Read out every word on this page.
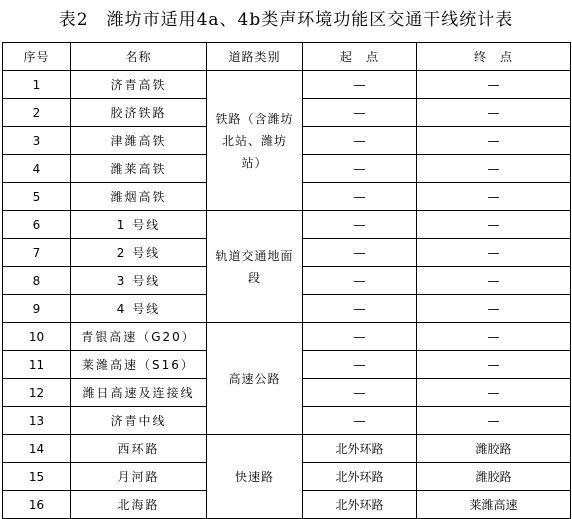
表2　潍坊市适用4a、4b类声环境功能区交通干线统计表
序号	名称	道路类别	起　点	终　点
1	济青高铁	铁路（含潍坊北站、潍坊站）	—	—
2	胶济铁路		—	—
3	津潍高铁		—	—
4	潍莱高铁		—	—
5	潍烟高铁		—	—
6	1 号线	轨道交通地面段	—	—
7	2 号线		—	—
8	3 号线		—	—
9	4 号线		—	—
10	青银高速（G20）	高速公路	—	—
11	莱潍高速（S16）		—	—
12	潍日高速及连接线		—	—
13	济青中线		—	—
14	西环路	快速路	北外环路	潍胶路
15	月河路		北外环路	潍胶路
16	北海路		北外环路	莱潍高速
